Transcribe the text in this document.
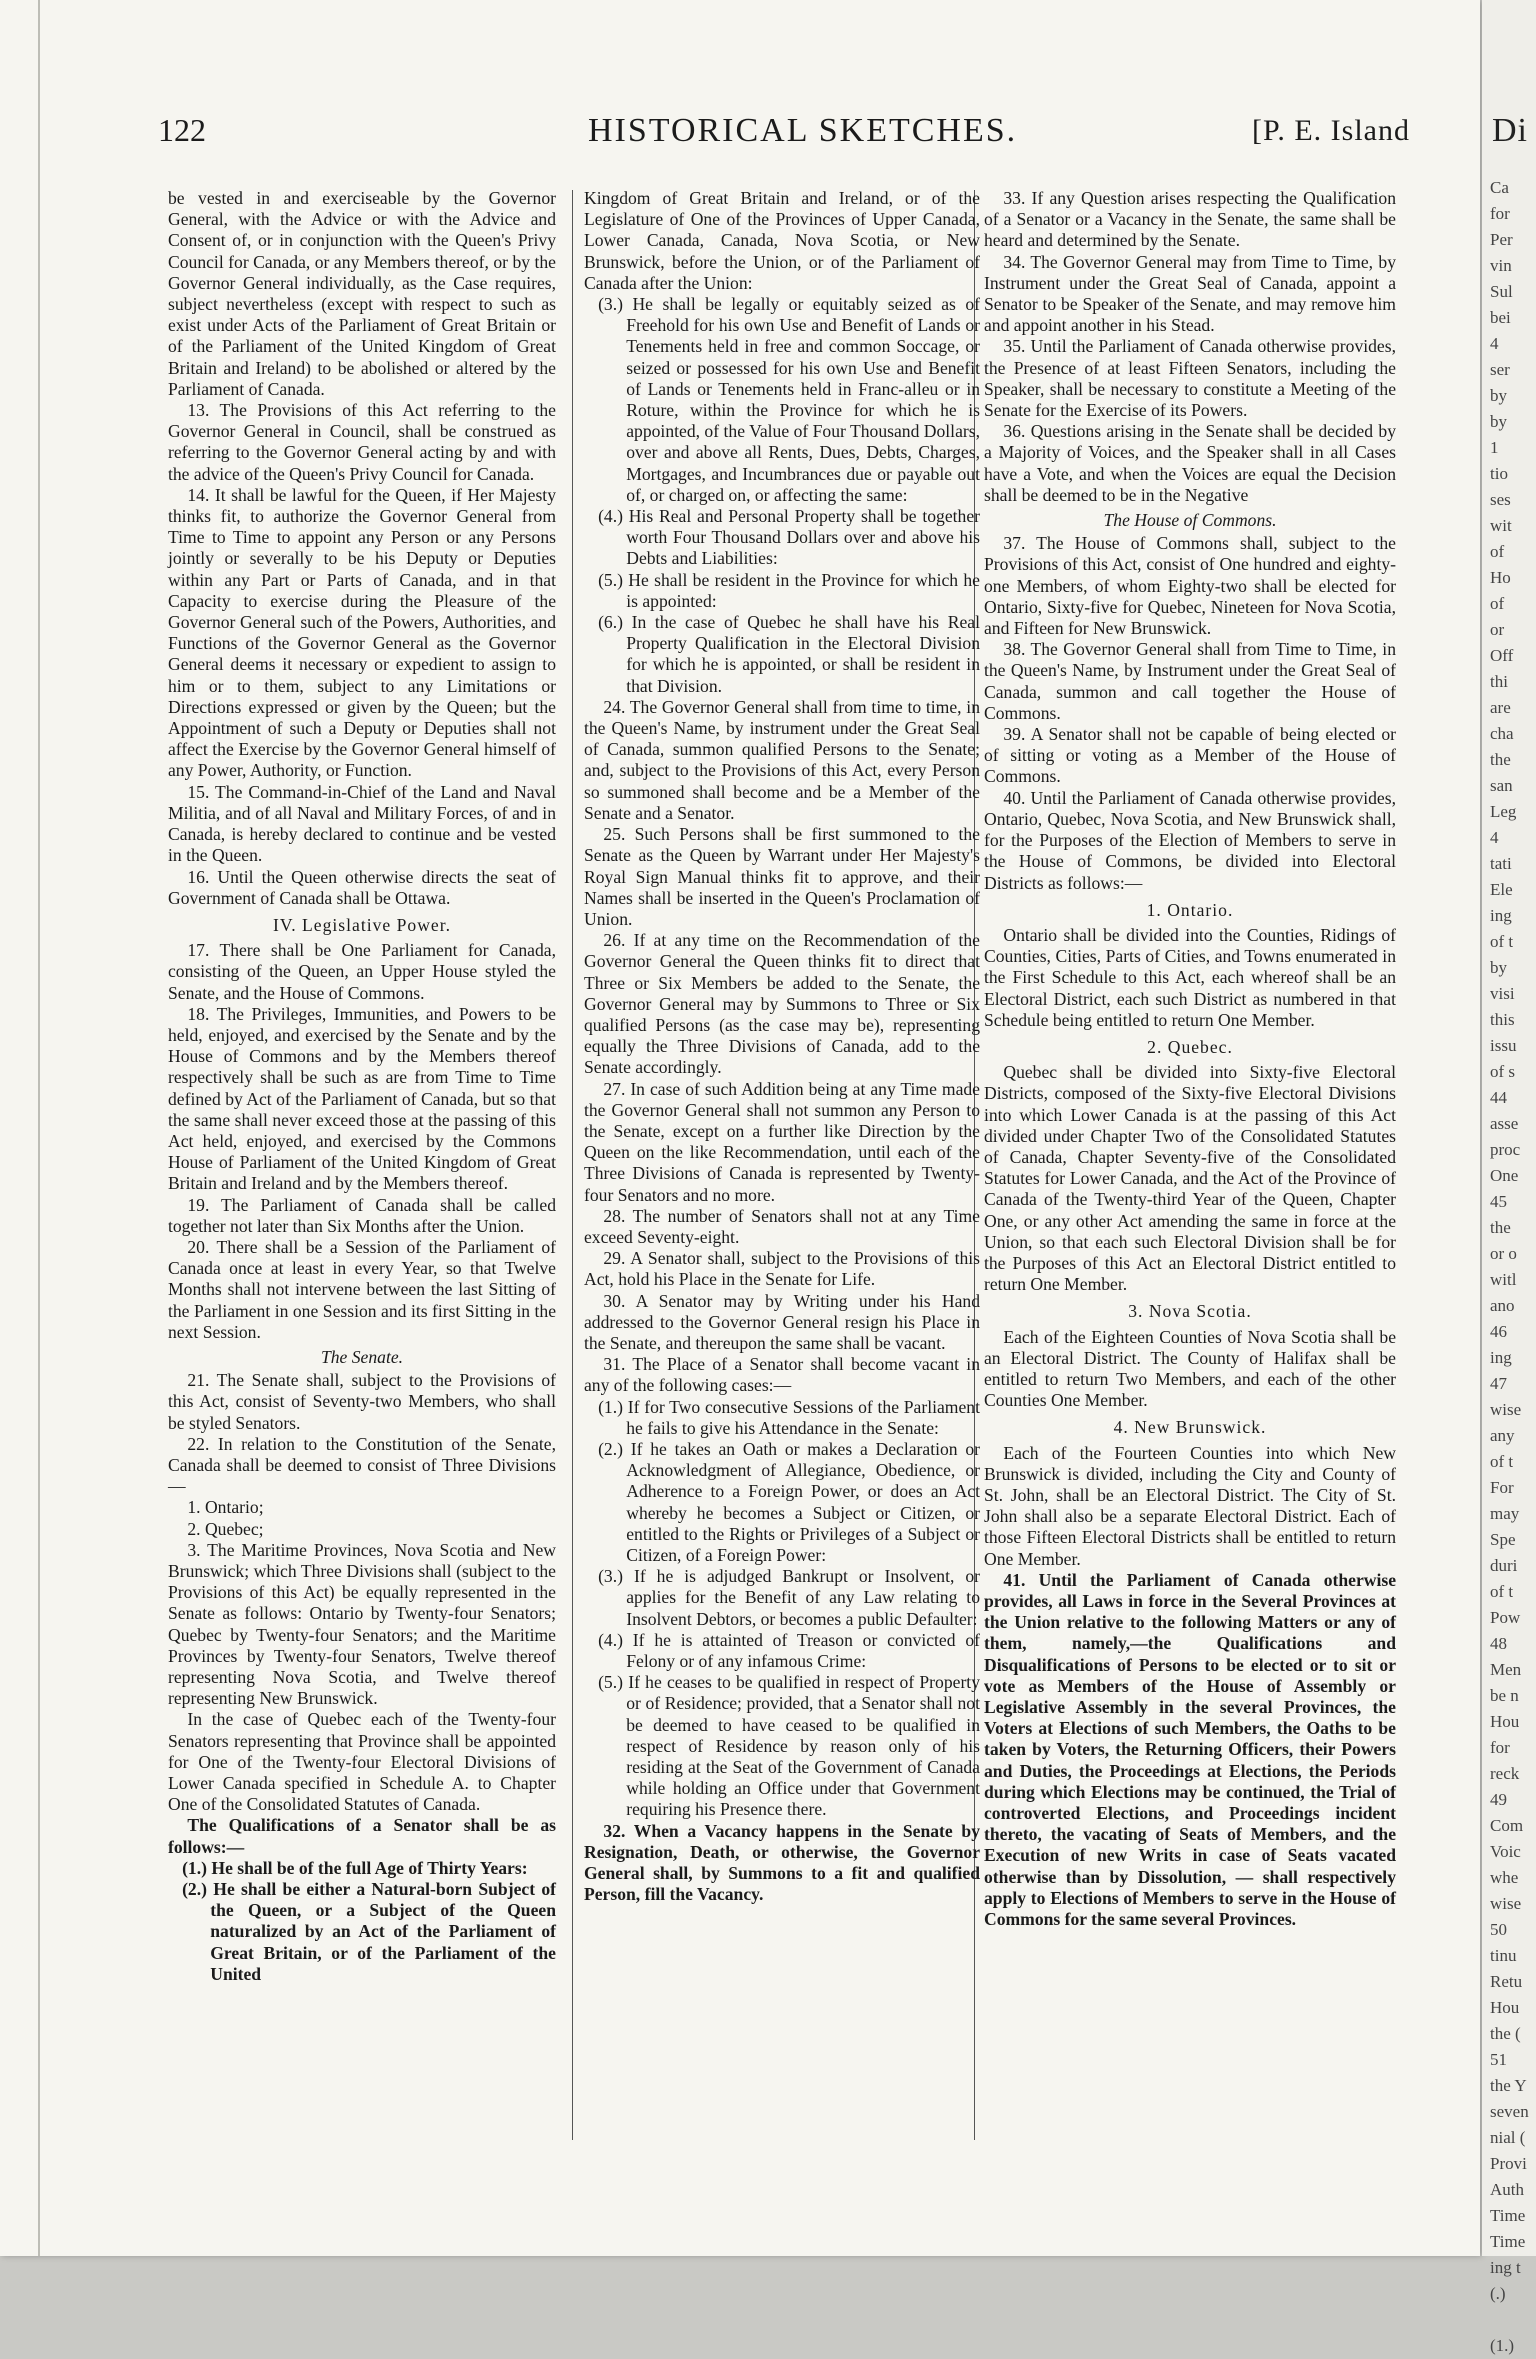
122	HISTORICAL SKETCHES.	[P. E. Island

be vested in and exerciseable by the Governor General, with the Advice or with the Advice and Consent of, or in conjunction with the Queen's Privy Council for Canada, or any Members thereof, or by the Governor General individually, as the Case requires, subject nevertheless (except with respect to such as exist under Acts of the Parliament of Great Britain or of the Parliament of the United Kingdom of Great Britain and Ireland) to be abolished or altered by the Parliament of Canada.

13. The Provisions of this Act referring to the Governor General in Council, shall be construed as referring to the Governor General acting by and with the advice of the Queen's Privy Council for Canada.

14. It shall be lawful for the Queen, if Her Majesty thinks fit, to authorize the Governor General from Time to Time to appoint any Person or any Persons jointly or severally to be his Deputy or Deputies within any Part or Parts of Canada, and in that Capacity to exercise during the Pleasure of the Governor General such of the Powers, Authorities, and Functions of the Governor General as the Governor General deems it necessary or expedient to assign to him or to them, subject to any Limitations or Directions expressed or given by the Queen; but the Appointment of such a Deputy or Deputies shall not affect the Exercise by the Governor General himself of any Power, Authority, or Function.

15. The Command-in-Chief of the Land and Naval Militia, and of all Naval and Military Forces, of and in Canada, is hereby declared to continue and be vested in the Queen.

16. Until the Queen otherwise directs the seat of Government of Canada shall be Ottawa.

IV. Legislative Power.

17. There shall be One Parliament for Canada, consisting of the Queen, an Upper House styled the Senate, and the House of Commons.

18. The Privileges, Immunities, and Powers to be held, enjoyed, and exercised by the Senate and by the House of Commons and by the Members thereof respectively shall be such as are from Time to Time defined by Act of the Parliament of Canada, but so that the same shall never exceed those at the passing of this Act held, enjoyed, and exercised by the Commons House of Parliament of the United Kingdom of Great Britain and Ireland and by the Members thereof.

19. The Parliament of Canada shall be called together not later than Six Months after the Union.

20. There shall be a Session of the Parliament of Canada once at least in every Year, so that Twelve Months shall not intervene between the last Sitting of the Parliament in one Session and its first Sitting in the next Session.

The Senate.

21. The Senate shall, subject to the Provisions of this Act, consist of Seventy-two Members, who shall be styled Senators.

22. In relation to the Constitution of the Senate, Canada shall be deemed to consist of Three Divisions—

1. Ontario;

2. Quebec;

3. The Maritime Provinces, Nova Scotia and New Brunswick; which Three Divisions shall (subject to the Provisions of this Act) be equally represented in the Senate as follows: Ontario by Twenty-four Senators; Quebec by Twenty-four Senators; and the Maritime Provinces by Twenty-four Senators, Twelve thereof representing Nova Scotia, and Twelve thereof representing New Brunswick.

In the case of Quebec each of the Twenty-four Senators representing that Province shall be appointed for One of the Twenty-four Electoral Divisions of Lower Canada specified in Schedule A. to Chapter One of the Consolidated Statutes of Canada.

The Qualifications of a Senator shall be as follows:—

(1.) He shall be of the full Age of Thirty Years:

(2.) He shall be either a Natural-born Subject of the Queen, or a Subject of the Queen naturalized by an Act of the Parliament of Great Britain, or of the Parliament of the United

Kingdom of Great Britain and Ireland, or of the Legislature of One of the Provinces of Upper Canada, Lower Canada, Canada, Nova Scotia, or New Brunswick, before the Union, or of the Parliament of Canada after the Union:

(3.) He shall be legally or equitably seized as of Freehold for his own Use and Benefit of Lands or Tenements held in free and common Soccage, or seized or possessed for his own Use and Benefit of Lands or Tenements held in Franc-alleu or in Roture, within the Province for which he is appointed, of the Value of Four Thousand Dollars, over and above all Rents, Dues, Debts, Charges, Mortgages, and Incumbrances due or payable out of, or charged on, or affecting the same:

(4.) His Real and Personal Property shall be together worth Four Thousand Dollars over and above his Debts and Liabilities:

(5.) He shall be resident in the Province for which he is appointed:

(6.) In the case of Quebec he shall have his Real Property Qualification in the Electoral Division for which he is appointed, or shall be resident in that Division.

24. The Governor General shall from time to time, in the Queen's Name, by instrument under the Great Seal of Canada, summon qualified Persons to the Senate; and, subject to the Provisions of this Act, every Person so summoned shall become and be a Member of the Senate and a Senator.

25. Such Persons shall be first summoned to the Senate as the Queen by Warrant under Her Majesty's Royal Sign Manual thinks fit to approve, and their Names shall be inserted in the Queen's Proclamation of Union.

26. If at any time on the Recommendation of the Governor General the Queen thinks fit to direct that Three or Six Members be added to the Senate, the Governor General may by Summons to Three or Six qualified Persons (as the case may be), representing equally the Three Divisions of Canada, add to the Senate accordingly.

27. In case of such Addition being at any Time made the Governor General shall not summon any Person to the Senate, except on a further like Direction by the Queen on the like Recommendation, until each of the Three Divisions of Canada is represented by Twenty-four Senators and no more.

28. The number of Senators shall not at any Time exceed Seventy-eight.

29. A Senator shall, subject to the Provisions of this Act, hold his Place in the Senate for Life.

30. A Senator may by Writing under his Hand addressed to the Governor General resign his Place in the Senate, and thereupon the same shall be vacant.

31. The Place of a Senator shall become vacant in any of the following cases:—

(1.) If for Two consecutive Sessions of the Parliament he fails to give his Attendance in the Senate:

(2.) If he takes an Oath or makes a Declaration or Acknowledgment of Allegiance, Obedience, or Adherence to a Foreign Power, or does an Act whereby he becomes a Subject or Citizen, or entitled to the Rights or Privileges of a Subject or Citizen, of a Foreign Power:

(3.) If he is adjudged Bankrupt or Insolvent, or applies for the Benefit of any Law relating to Insolvent Debtors, or becomes a public Defaulter:

(4.) If he is attainted of Treason or convicted of Felony or of any infamous Crime:

(5.) If he ceases to be qualified in respect of Property or of Residence; provided, that a Senator shall not be deemed to have ceased to be qualified in respect of Residence by reason only of his residing at the Seat of the Government of Canada while holding an Office under that Government requiring his Presence there.

32. When a Vacancy happens in the Senate by Resignation, Death, or otherwise, the Governor General shall, by Summons to a fit and qualified Person, fill the Vacancy.

33. If any Question arises respecting the Qualification of a Senator or a Vacancy in the Senate, the same shall be heard and determined by the Senate.

34. The Governor General may from Time to Time, by Instrument under the Great Seal of Canada, appoint a Senator to be Speaker of the Senate, and may remove him and appoint another in his Stead.

35. Until the Parliament of Canada otherwise provides, the Presence of at least Fifteen Senators, including the Speaker, shall be necessary to constitute a Meeting of the Senate for the Exercise of its Powers.

36. Questions arising in the Senate shall be decided by a Majority of Voices, and the Speaker shall in all Cases have a Vote, and when the Voices are equal the Decision shall be deemed to be in the Negative

The House of Commons.

37. The House of Commons shall, subject to the Provisions of this Act, consist of One hundred and eighty-one Members, of whom Eighty-two shall be elected for Ontario, Sixty-five for Quebec, Nineteen for Nova Scotia, and Fifteen for New Brunswick.

38. The Governor General shall from Time to Time, in the Queen's Name, by Instrument under the Great Seal of Canada, summon and call together the House of Commons.

39. A Senator shall not be capable of being elected or of sitting or voting as a Member of the House of Commons.

40. Until the Parliament of Canada otherwise provides, Ontario, Quebec, Nova Scotia, and New Brunswick shall, for the Purposes of the Election of Members to serve in the House of Commons, be divided into Electoral Districts as follows:—

1. Ontario.

Ontario shall be divided into the Counties, Ridings of Counties, Cities, Parts of Cities, and Towns enumerated in the First Schedule to this Act, each whereof shall be an Electoral District, each such District as numbered in that Schedule being entitled to return One Member.

2. Quebec.

Quebec shall be divided into Sixty-five Electoral Districts, composed of the Sixty-five Electoral Divisions into which Lower Canada is at the passing of this Act divided under Chapter Two of the Consolidated Statutes of Canada, Chapter Seventy-five of the Consolidated Statutes for Lower Canada, and the Act of the Province of Canada of the Twenty-third Year of the Queen, Chapter One, or any other Act amending the same in force at the Union, so that each such Electoral Division shall be for the Purposes of this Act an Electoral District entitled to return One Member.

3. Nova Scotia.

Each of the Eighteen Counties of Nova Scotia shall be an Electoral District. The County of Halifax shall be entitled to return Two Members, and each of the other Counties One Member.

4. New Brunswick.

Each of the Fourteen Counties into which New Brunswick is divided, including the City and County of St. John, shall be an Electoral District. The City of St. John shall also be a separate Electoral District. Each of those Fifteen Electoral Districts shall be entitled to return One Member.

41. Until the Parliament of Canada otherwise provides, all Laws in force in the Several Provinces at the Union relative to the following Matters or any of them, namely,—the Qualifications and Disqualifications of Persons to be elected or to sit or vote as Members of the House of Assembly or Legislative Assembly in the several Provinces, the Voters at Elections of such Members, the Oaths to be taken by Voters, the Returning Officers, their Powers and Duties, the Proceedings at Elections, the Periods during which Elections may be continued, the Trial of controverted Elections, and Proceedings incident thereto, the vacating of Seats of Members, and the Execution of new Writs in case of Seats vacated otherwise than by Dissolution, — shall respectively apply to Elections of Members to serve in the House of Commons for the same several Provinces.

Di
Ca
for
Per
vin
Sul
bei
4
ser
by
by
1
tio
ses
wit
of
Ho
of
or
Off
thi
are
cha
the
san
Leg
4
tati
Ele
ing
of t
by
visi
this
issu
of s
44
asse
proc
One
45
the
or o
witl
ano
46
ing
47
wise
any
of t
For
may
Spe
duri
of t
Pow
48
Men
be n
Hou
for
reck
49
Com
Voic
whe
wise
50
tinu
Retu
Hou
the (
51
the Y
seven
nial (
Provi
Auth
Time
Time
ing t
(.)

(1.)
